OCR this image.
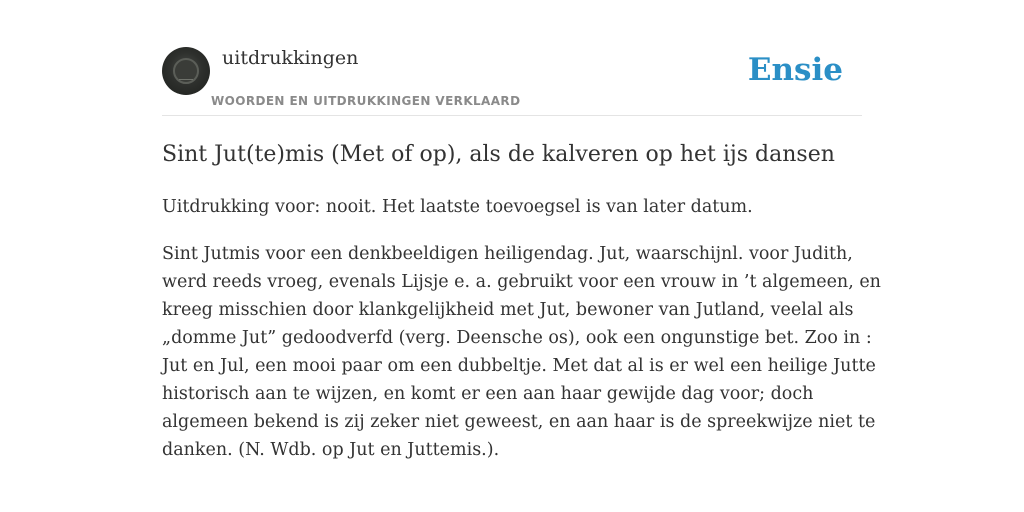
uitdrukkingen
WOORDEN EN UITDRUKKINGEN VERKLAARD
Ensie
Sint Jut(te)mis (Met of op), als de kalveren op het ijs dansen

Uitdrukking voor: nooit. Het laatste toevoegsel is van later datum.

Sint Jutmis voor een denkbeeldigen heiligendag. Jut, waarschijnl. voor Judith,
werd reeds vroeg, evenals Lijsje e. a. gebruikt voor een vrouw in ’t algemeen, en
kreeg misschien door klankgelijkheid met Jut, bewoner van Jutland, veelal als
„domme Jut” gedoodverfd (verg. Deensche os), ook een ongunstige bet. Zoo in :
Jut en Jul, een mooi paar om een dubbeltje. Met dat al is er wel een heilige Jutte
historisch aan te wijzen, en komt er een aan haar gewijde dag voor; doch
algemeen bekend is zij zeker niet geweest, en aan haar is de spreekwijze niet te
danken. (N. Wdb. op Jut en Juttemis.).
